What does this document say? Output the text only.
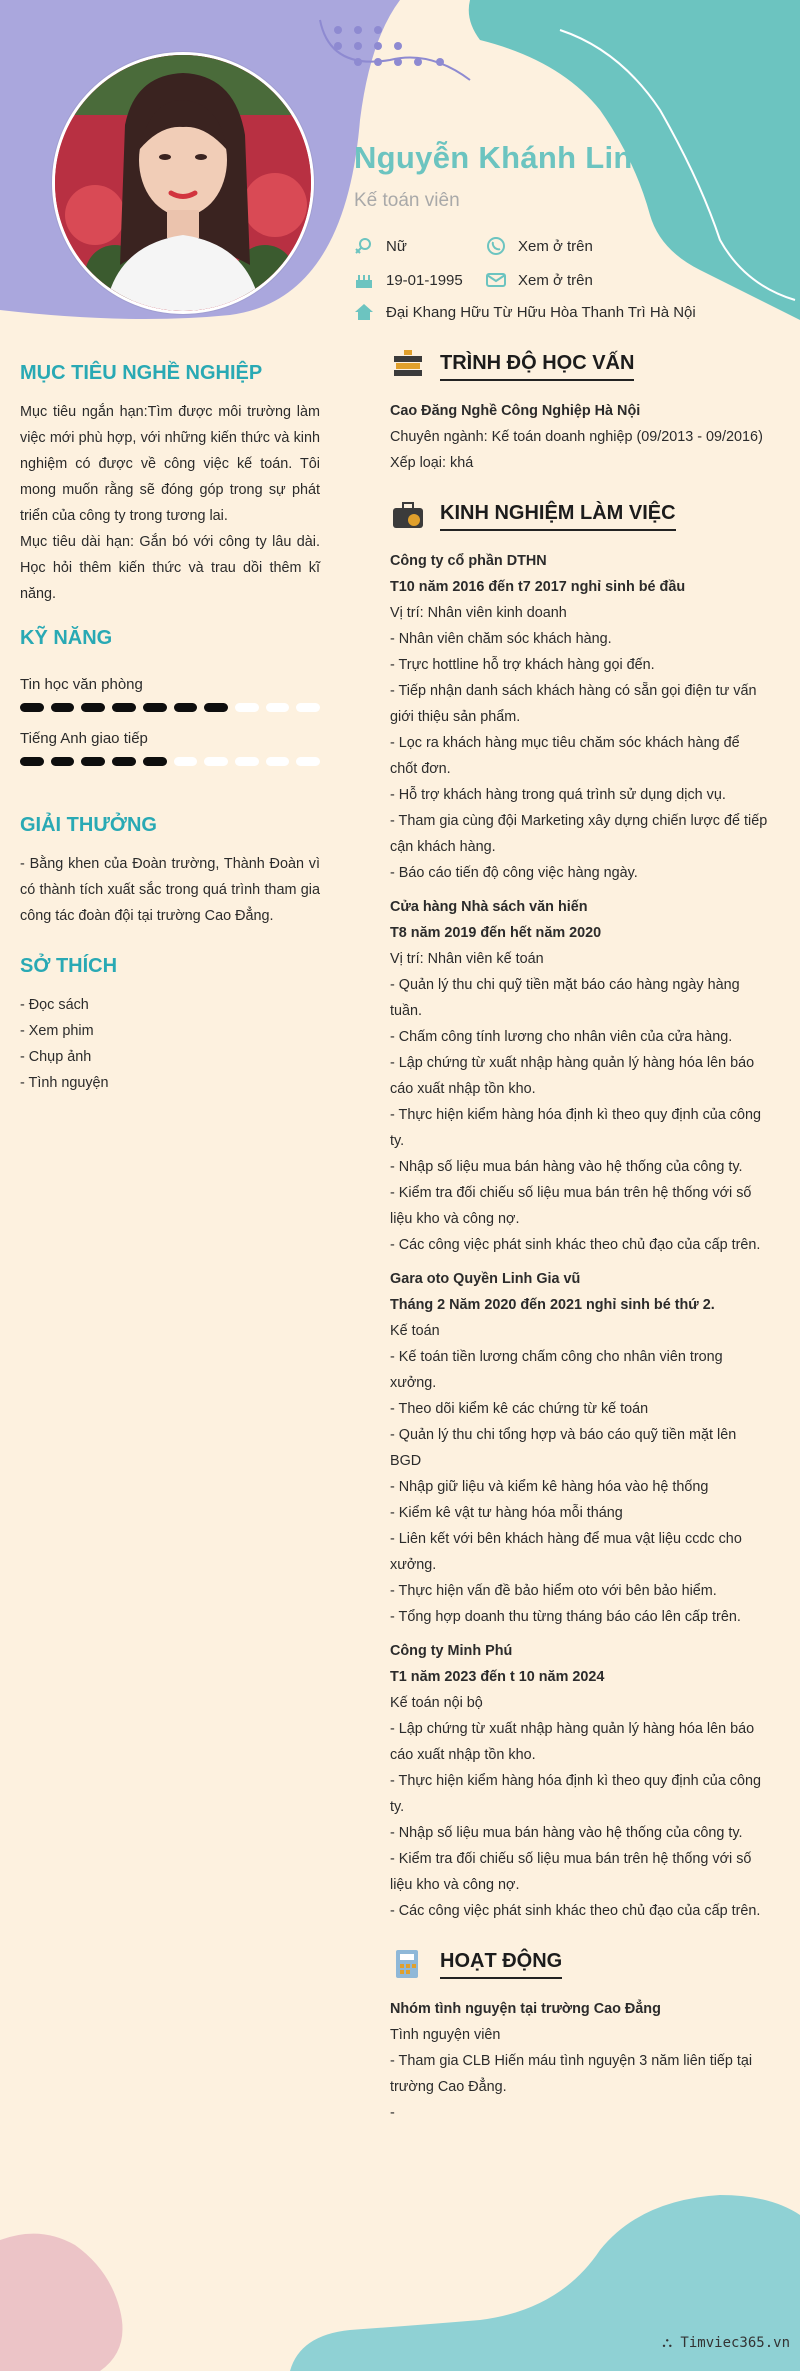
Nguyễn Khánh Linh
Kế toán viên
Nữ	Xem ở trên
19-01-1995	Xem ở trên
Đại Khang Hữu Từ Hữu Hòa Thanh Trì Hà Nội
MỤC TIÊU NGHỀ NGHIỆP

Mục tiêu ngắn hạn:Tìm được môi trường làm việc mới phù hợp, với những kiến thức và kinh nghiệm có được về công việc kế toán. Tôi mong muốn rằng sẽ đóng góp trong sự phát triển của công ty trong tương lai.

Mục tiêu dài hạn: Gắn bó với công ty lâu dài. Học hỏi thêm kiến thức và trau dồi thêm kĩ năng.

KỸ NĂNG
Tin học văn phòng
Tiếng Anh giao tiếp
GIẢI THƯỞNG

- Bằng khen của Đoàn trường, Thành Đoàn vì có thành tích xuất sắc trong quá trình tham gia công tác đoàn đội tại trường Cao Đẳng.

SỞ THÍCH
- Đọc sách
- Xem phim
- Chụp ảnh
- Tình nguyện
TRÌNH ĐỘ HỌC VẤN

Cao Đăng Nghề Công Nghiệp Hà Nội

Chuyên ngành: Kế toán doanh nghiệp (09/2013 - 09/2016)

Xếp loại: khá

KINH NGHIỆM LÀM VIỆC

Công ty cổ phần DTHN

T10 năm 2016 đến t7 2017 nghỉ sinh bé đầu

Vị trí: Nhân viên kinh doanh

- Nhân viên chăm sóc khách hàng.

- Trực hottline hỗ trợ khách hàng gọi đến.

- Tiếp nhận danh sách khách hàng có sẵn gọi điện tư vấn giới thiệu sản phẩm.

- Lọc ra khách hàng mục tiêu chăm sóc khách hàng để chốt đơn.

- Hỗ trợ khách hàng trong quá trình sử dụng dịch vụ.

- Tham gia cùng đội Marketing xây dựng chiến lược để tiếp cận khách hàng.

- Báo cáo tiến độ công việc hàng ngày.

Cửa hàng Nhà sách văn hiến

T8 năm 2019 đến hết năm 2020

Vị trí: Nhân viên kế toán

- Quản lý thu chi quỹ tiền mặt báo cáo hàng ngày hàng tuần.

- Chấm công tính lương cho nhân viên của cửa hàng.

- Lập chứng từ xuất nhập hàng quản lý hàng hóa lên báo cáo xuất nhập tồn kho.

- Thực hiện kiểm hàng hóa định kì theo quy định của công ty.

- Nhập số liệu mua bán hàng vào hệ thống của công ty.

- Kiểm tra đối chiếu số liệu mua bán trên hệ thống với số liệu kho và công nợ.

- Các công việc phát sinh khác theo chủ đạo của cấp trên.

Gara oto Quyền Linh Gia vũ

Tháng 2 Năm 2020 đến 2021 nghỉ sinh bé thứ 2.

Kế toán

- Kế toán tiền lương chấm công cho nhân viên trong xưởng.

- Theo dõi kiểm kê các chứng từ kế toán

- Quản lý thu chi tổng hợp và báo cáo quỹ tiền mặt lên BGD

- Nhập giữ liệu và kiểm kê hàng hóa vào hệ thống

- Kiểm kê vật tư hàng hóa mỗi tháng

- Liên kết với bên khách hàng để mua vật liệu ccdc cho xưởng.

- Thực hiện vấn đề bảo hiểm oto với bên bảo hiểm.

- Tổng hợp doanh thu từng tháng báo cáo lên cấp trên.

Công ty Minh Phú

T1 năm 2023 đến t 10 năm 2024

Kế toán nội bộ

- Lập chứng từ xuất nhập hàng quản lý hàng hóa lên báo cáo xuất nhập tồn kho.

- Thực hiện kiểm hàng hóa định kì theo quy định của công ty.

- Nhập số liệu mua bán hàng vào hệ thống của công ty.

- Kiểm tra đối chiếu số liệu mua bán trên hệ thống với số liệu kho và công nợ.

- Các công việc phát sinh khác theo chủ đạo của cấp trên.

HOẠT ĐỘNG

Nhóm tình nguyện tại trường Cao Đẳng

Tình nguyện viên

- Tham gia CLB Hiến máu tình nguyện 3 năm liên tiếp tại trường Cao Đẳng.

-

⛬ Timviec365.vn
